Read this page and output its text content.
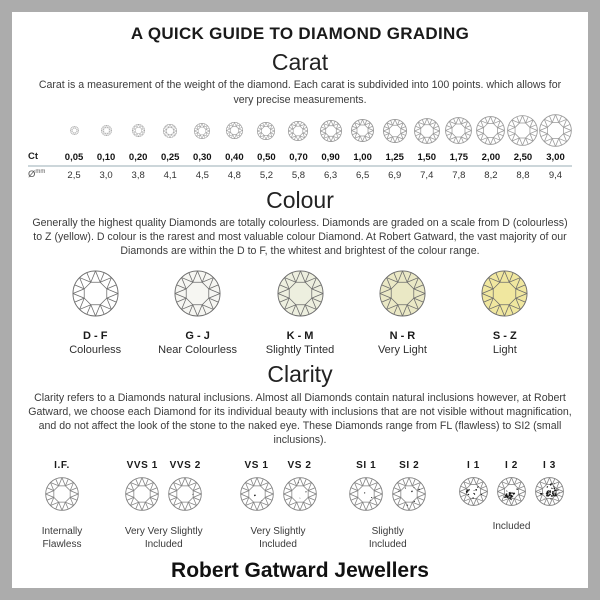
A QUICK GUIDE TO DIAMOND GRADING
Carat
Carat is a measurement of the weight of the diamond. Each carat is subdivided into 100 points. which allows for very precise measurements.
Ct	0,05	0,10	0,20	0,25	0,30	0,40	0,50	0,70	0,90	1,00	1,25	1,50	1,75	2,00	2,50	3,00
$Ø^{mm}$	2,5	3,0	3,8	4,1	4,5	4,8	5,2	5,8	6,3	6,5	6,9	7,4	7,8	8,2	8,8	9,4
Colour
Generally the highest quality Diamonds are totally colourless. Diamonds are graded on a scale from D (colourless) to Z (yellow). D colour is the rarest and most valuable colour Diamond. At Robert Gatward, the vast majority of our Diamonds are within the D to F, the whitest and brightest of the colour range.
D - F
Colourless
G - J
Near Colourless
K - M
Slightly Tinted
N - R
Very Light
S - Z
Light
Clarity
Clarity refers to a Diamonds natural inclusions. Almost all Diamonds contain natural inclusions however, at Robert Gatward, we choose each Diamond for its individual beauty with inclusions that are not visible without magnification, and do not affect the look of the stone to the naked eye. These Diamonds range from FL (flawless) to SI2 (small inclusions).
I.F.
Internally Flawless
VVS 1 VVS 2
Very Very Slightly Included
VS 1 VS 2
Very Slightly Included
SI 1 SI 2
Slightly Included
I 1	I 2	I 3
Included
Robert Gatward Jewellers
